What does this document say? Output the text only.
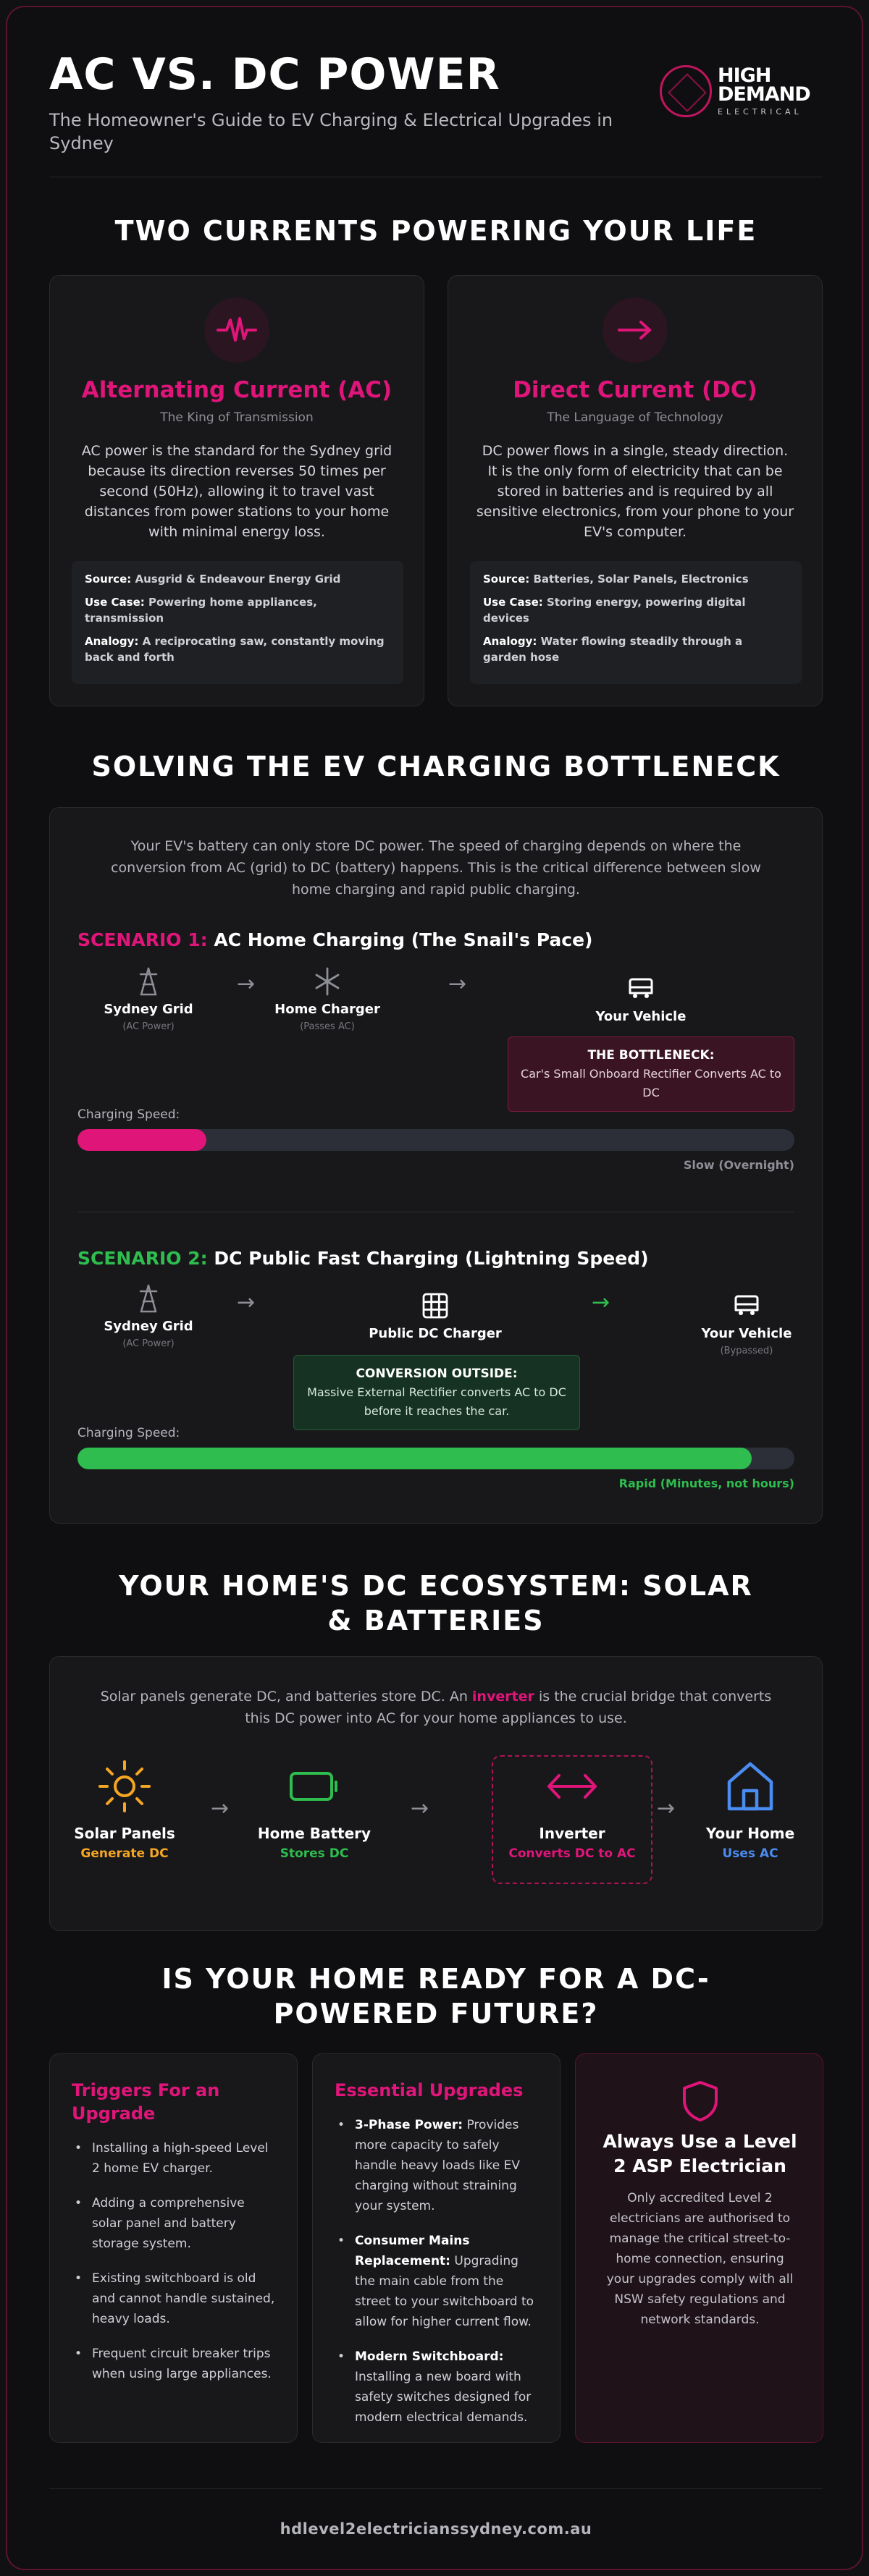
AC VS. DC POWER
The Homeowner's Guide to EV Charging & Electrical Upgrades in Sydney
HIGH
DEMAND
ELECTRICAL
TWO CURRENTS POWERING YOUR LIFE
Alternating Current (AC)
The King of Transmission
AC power is the standard for the Sydney grid because its direction reverses 50 times per second (50Hz), allowing it to travel vast distances from power stations to your home with minimal energy loss.

Source: Ausgrid & Endeavour Energy Grid

Use Case: Powering home appliances, transmission

Analogy: A reciprocating saw, constantly moving back and forth

Direct Current (DC)
The Language of Technology
DC power flows in a single, steady direction. It is the only form of electricity that can be stored in batteries and is required by all sensitive electronics, from your phone to your EV's computer.

Source: Batteries, Solar Panels, Electronics

Use Case: Storing energy, powering digital devices

Analogy: Water flowing steadily through a garden hose

SOLVING THE EV CHARGING BOTTLENECK
Your EV's battery can only store DC power. The speed of charging depends on where the conversion from AC (grid) to DC (battery) happens. This is the critical difference between slow home charging and rapid public charging.
SCENARIO 1: AC Home Charging (The Snail's Pace)
Sydney Grid
(AC Power)
→
Home Charger
(Passes AC)
→
Your Vehicle
THE BOTTLENECK:
Car's Small Onboard Rectifier Converts AC to DC
Charging Speed:
Slow (Overnight)
SCENARIO 2: DC Public Fast Charging (Lightning Speed)
Sydney Grid
(AC Power)
→
Public DC Charger
→
Your Vehicle
(Bypassed)
CONVERSION OUTSIDE:
Massive External Rectifier converts AC to DC before it reaches the car.
Charging Speed:
Rapid (Minutes, not hours)
YOUR HOME'S DC ECOSYSTEM: SOLAR & BATTERIES
Solar panels generate DC, and batteries store DC. An inverter is the crucial bridge that converts this DC power into AC for your home appliances to use.
Solar Panels
Generate DC
→
Home Battery
Stores DC
→
Inverter
Converts DC to AC
→
Your Home
Uses AC
IS YOUR HOME READY FOR A DC-POWERED FUTURE?
Triggers For an Upgrade
• Installing a high-speed Level 2 home EV charger.
• Adding a comprehensive solar panel and battery storage system.
• Existing switchboard is old and cannot handle sustained, heavy loads.
• Frequent circuit breaker trips when using large appliances.
Essential Upgrades
• 3-Phase Power: Provides more capacity to safely handle heavy loads like EV charging without straining your system.
• Consumer Mains Replacement: Upgrading the main cable from the street to your switchboard to allow for higher current flow.
• Modern Switchboard: Installing a new board with safety switches designed for modern electrical demands.
Always Use a Level 2 ASP Electrician
Only accredited Level 2 electricians are authorised to manage the critical street-to-home connection, ensuring your upgrades comply with all NSW safety regulations and network standards.
hdlevel2electricianssydney.com.au
